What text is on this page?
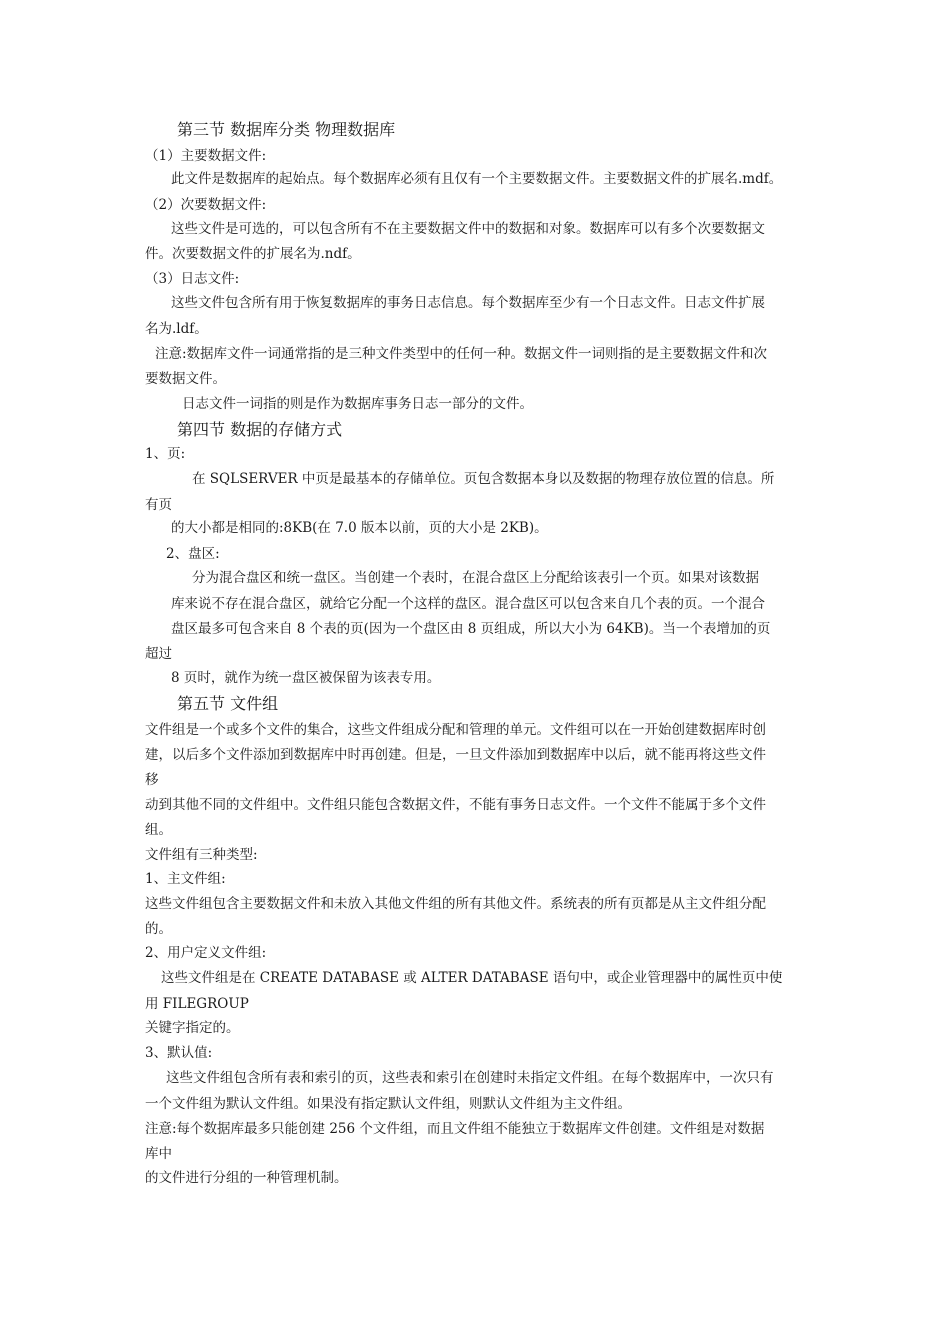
第三节 数据库分类 物理数据库
（1）主要数据文件:
此文件是数据库的起始点。每个数据库必须有且仅有一个主要数据文件。主要数据文件的扩展名.mdf。
（2）次要数据文件:
这些文件是可选的，可以包含所有不在主要数据文件中的数据和对象。数据库可以有多个次要数据文
件。次要数据文件的扩展名为.ndf。
（3）日志文件:
这些文件包含所有用于恢复数据库的事务日志信息。每个数据库至少有一个日志文件。日志文件扩展
名为.ldf。
注意:数据库文件一词通常指的是三种文件类型中的任何一种。数据文件一词则指的是主要数据文件和次
要数据文件。
日志文件一词指的则是作为数据库事务日志一部分的文件。
第四节 数据的存储方式
1、页:
在 SQLSERVER 中页是最基本的存储单位。页包含数据本身以及数据的物理存放位置的信息。所
有页
的大小都是相同的:8KB(在 7.0 版本以前，页的大小是 2KB)。
2、盘区:
分为混合盘区和统一盘区。当创建一个表时，在混合盘区上分配给该表引一个页。如果对该数据
库来说不存在混合盘区，就给它分配一个这样的盘区。混合盘区可以包含来自几个表的页。一个混合
盘区最多可包含来自 8 个表的页(因为一个盘区由 8 页组成，所以大小为 64KB)。当一个表增加的页
超过
8 页时，就作为统一盘区被保留为该表专用。
第五节 文件组
文件组是一个或多个文件的集合，这些文件组成分配和管理的单元。文件组可以在一开始创建数据库时创
建，以后多个文件添加到数据库中时再创建。但是，一旦文件添加到数据库中以后，就不能再将这些文件
移
动到其他不同的文件组中。文件组只能包含数据文件，不能有事务日志文件。一个文件不能属于多个文件
组。
文件组有三种类型:
1、主文件组:
这些文件组包含主要数据文件和未放入其他文件组的所有其他文件。系统表的所有页都是从主文件组分配
的。
2、用户定义文件组:
这些文件组是在 CREATE DATABASE 或 ALTER DATABASE 语句中，或企业管理器中的属性页中使
用 FILEGROUP
关键字指定的。
3、默认值:
这些文件组包含所有表和索引的页，这些表和索引在创建时未指定文件组。在每个数据库中，一次只有
一个文件组为默认文件组。如果没有指定默认文件组，则默认文件组为主文件组。
注意:每个数据库最多只能创建 256 个文件组，而且文件组不能独立于数据库文件创建。文件组是对数据
库中
的文件进行分组的一种管理机制。
